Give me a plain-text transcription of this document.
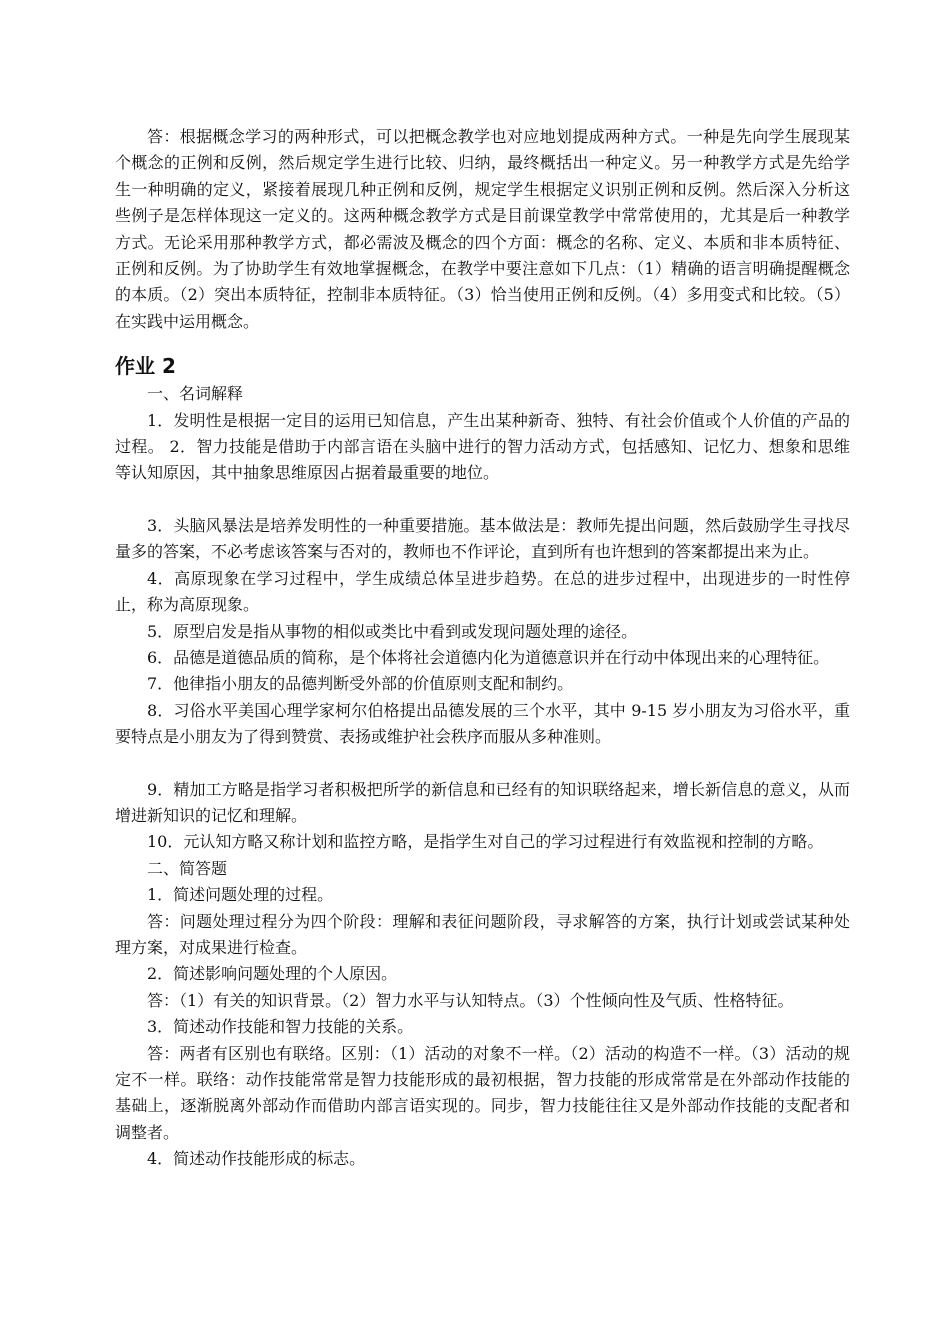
答：根据概念学习的两种形式，可以把概念教学也对应地划提成两种方式。一种是先向学生展现某个概念的正例和反例，然后规定学生进行比较、归纳，最终概括出一种定义。另一种教学方式是先给学生一种明确的定义，紧接着展现几种正例和反例，规定学生根据定义识别正例和反例。然后深入分析这些例子是怎样体现这一定义的。这两种概念教学方式是目前课堂教学中常常使用的，尤其是后一种教学方式。无论采用那种教学方式，都必需波及概念的四个方面：概念的名称、定义、本质和非本质特征、正例和反例。为了协助学生有效地掌握概念，在教学中要注意如下几点：（1）精确的语言明确提醒概念的本质。（2）突出本质特征，控制非本质特征。（3）恰当使用正例和反例。（4）多用变式和比较。（5）在实践中运用概念。

作业 2

一、名词解释

1．发明性是根据一定目的运用已知信息，产生出某种新奇、独特、有社会价值或个人价值的产品的过程。 2．智力技能是借助于内部言语在头脑中进行的智力活动方式，包括感知、记忆力、想象和思维等认知原因，其中抽象思维原因占据着最重要的地位。

3．头脑风暴法是培养发明性的一种重要措施。基本做法是：教师先提出问题，然后鼓励学生寻找尽量多的答案，不必考虑该答案与否对的，教师也不作评论，直到所有也许想到的答案都提出来为止。

4．高原现象在学习过程中，学生成绩总体呈进步趋势。在总的进步过程中，出现进步的一时性停止，称为高原现象。

5．原型启发是指从事物的相似或类比中看到或发现问题处理的途径。

6．品德是道德品质的简称，是个体将社会道德内化为道德意识并在行动中体现出来的心理特征。

7．他律指小朋友的品德判断受外部的价值原则支配和制约。

8．习俗水平美国心理学家柯尔伯格提出品德发展的三个水平，其中 9-15 岁小朋友为习俗水平，重要特点是小朋友为了得到赞赏、表扬或维护社会秩序而服从多种准则。

9．精加工方略是指学习者积极把所学的新信息和已经有的知识联络起来，增长新信息的意义，从而增进新知识的记忆和理解。

10．元认知方略又称计划和监控方略，是指学生对自己的学习过程进行有效监视和控制的方略。

二、简答题

1．简述问题处理的过程。

答：问题处理过程分为四个阶段：理解和表征问题阶段，寻求解答的方案，执行计划或尝试某种处理方案，对成果进行检查。

2．简述影响问题处理的个人原因。

答：（1）有关的知识背景。（2）智力水平与认知特点。（3）个性倾向性及气质、性格特征。

3．简述动作技能和智力技能的关系。

答：两者有区别也有联络。区别：（1）活动的对象不一样。（2）活动的构造不一样。（3）活动的规定不一样。联络：动作技能常常是智力技能形成的最初根据，智力技能的形成常常是在外部动作技能的基础上，逐渐脱离外部动作而借助内部言语实现的。同步，智力技能往往又是外部动作技能的支配者和调整者。

4．简述动作技能形成的标志。
